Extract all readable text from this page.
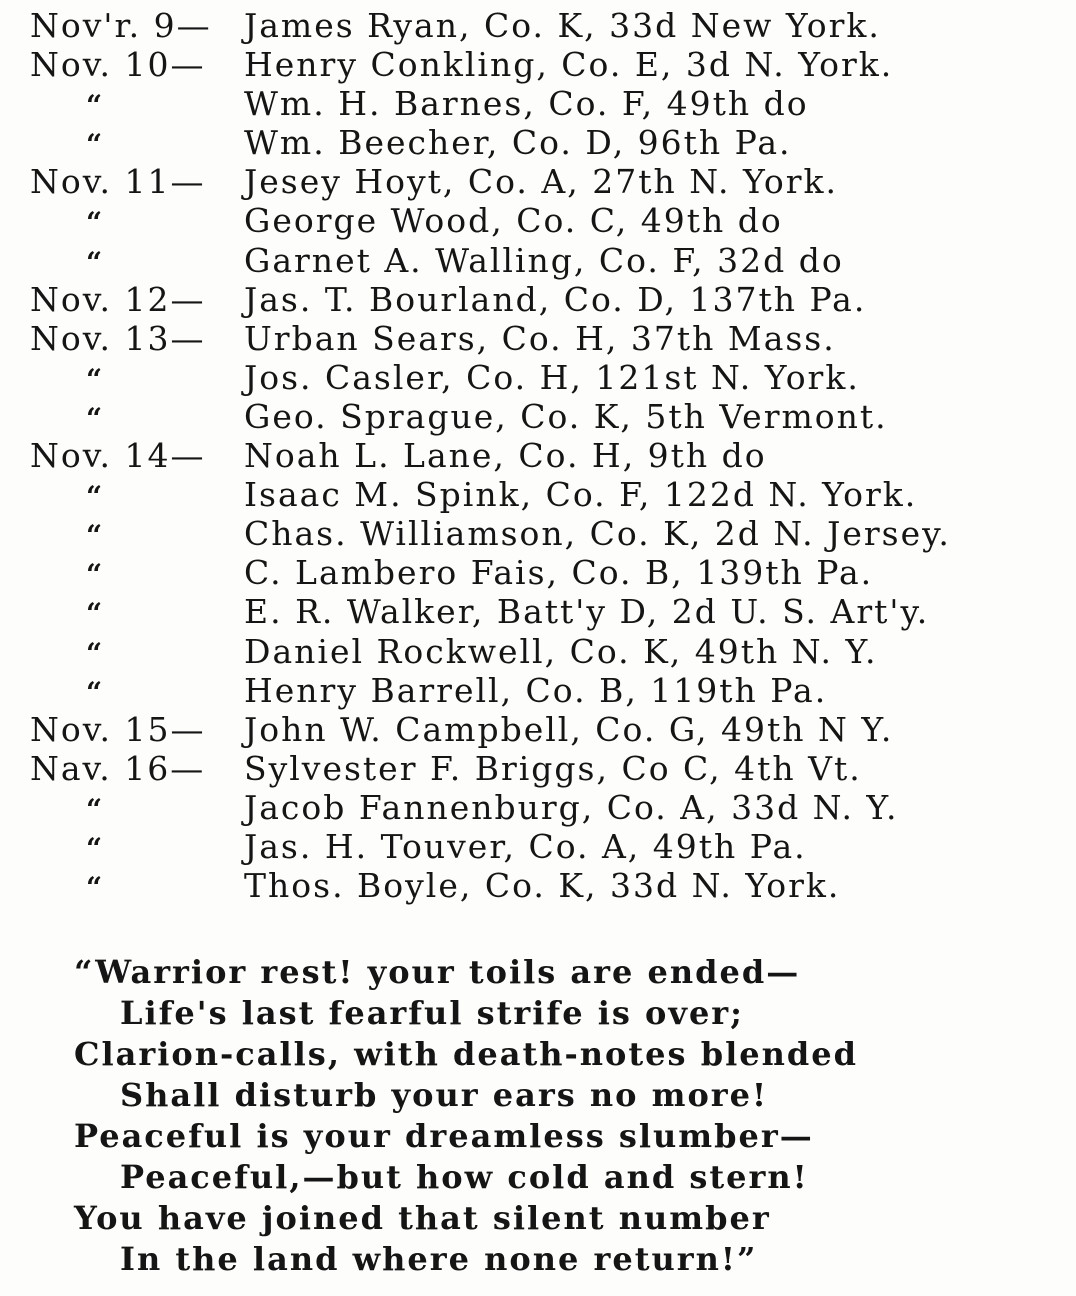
Nov'r. 9— James Ryan, Co. K, 33d New York.
Nov. 10— Henry Conkling, Co. E, 3d N. York.
“	Wm. H. Barnes, Co. F, 49th do
“	Wm. Beecher, Co. D, 96th Pa.
Nov. 11— Jesey Hoyt, Co. A, 27th N. York.
“	George Wood, Co. C, 49th do
“	Garnet A. Walling, Co. F, 32d do
Nov. 12— Jas. T. Bourland, Co. D, 137th Pa.
Nov. 13— Urban Sears, Co. H, 37th Mass.
“	Jos. Casler, Co. H, 121st N. York.
“	Geo. Sprague, Co. K, 5th Vermont.
Nov. 14— Noah L. Lane, Co. H, 9th do
“	Isaac M. Spink, Co. F, 122d N. York.
“	Chas. Williamson, Co. K, 2d N. Jersey.
“	C. Lambero Fais, Co. B, 139th Pa.
“	E. R. Walker, Batt'y D, 2d U. S. Art'y.
“	Daniel Rockwell, Co. K, 49th N. Y.
“	Henry Barrell, Co. B, 119th Pa.
Nov. 15— John W. Campbell, Co. G, 49th N Y.
Nav. 16— Sylvester F. Briggs, Co C, 4th Vt.
“	Jacob Fannenburg, Co. A, 33d N. Y.
“	Jas. H. Touver, Co. A, 49th Pa.
“	Thos. Boyle, Co. K, 33d N. York.
“Warrior rest! your toils are ended—
Life's last fearful strife is over;
Clarion-calls, with death-notes blended
Shall disturb your ears no more!
Peaceful is your dreamless slumber—
Peaceful,—but how cold and stern!
You have joined that silent number
In the land where none return!”
